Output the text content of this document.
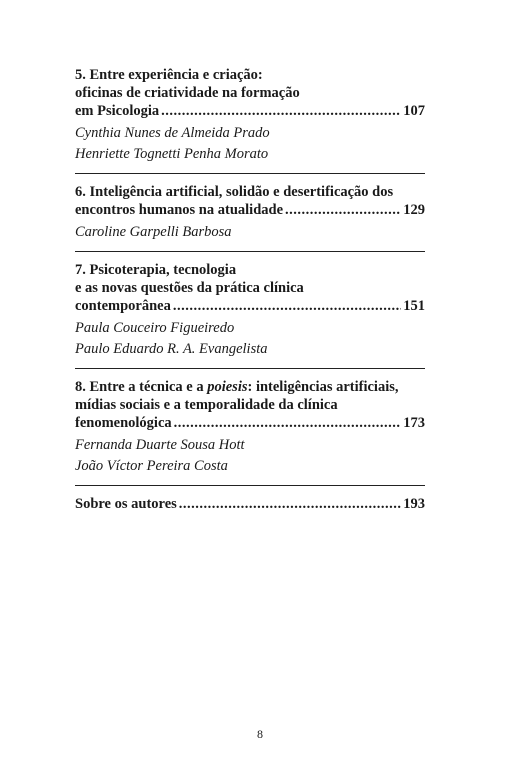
5. Entre experiência e criação:
oficinas de criatividade na formação
em Psicologia .....	107
Cynthia Nunes de Almeida Prado
Henriette Tognetti Penha Morato
6. Inteligência artificial, solidão e desertificação dos
encontros humanos na atualidade .....	129
Caroline Garpelli Barbosa
7. Psicoterapia, tecnologia
e as novas questões da prática clínica
contemporânea .....	151
Paula Couceiro Figueiredo
Paulo Eduardo R. A. Evangelista
8. Entre a técnica e a poiesis: inteligências artificiais,
mídias sociais e a temporalidade da clínica
fenomenológica .....	173
Fernanda Duarte Sousa Hott
João Víctor Pereira Costa
Sobre os autores .....	193
8
